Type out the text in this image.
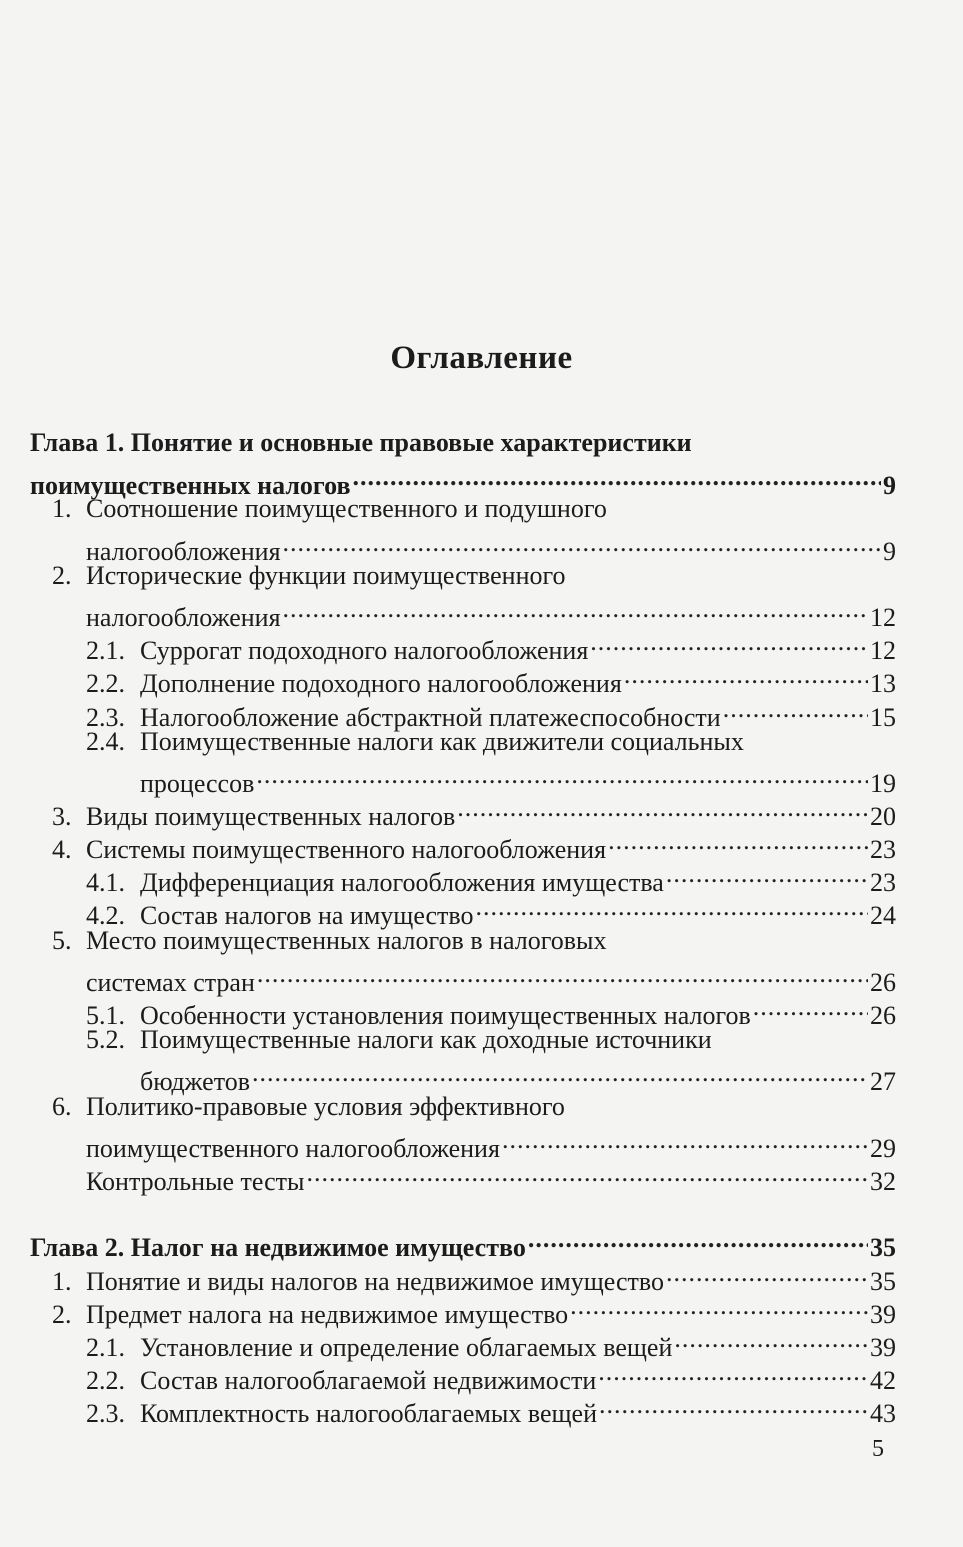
Оглавление
Глава 1. Понятие и основные правовые характеристики
поимущественных налогов .....	9
1. Соотношение поимущественного и подушного
налогообложения .....	9
2. Исторические функции поимущественного
налогообложения .....	12
2.1. Суррогат подоходного налогообложения .....	12
2.2. Дополнение подоходного налогообложения .....	13
2.3. Налогообложение абстрактной платежеспособности .....	15
2.4. Поимущественные налоги как движители социальных
процессов .....	19
3. Виды поимущественных налогов .....	20
4. Системы поимущественного налогообложения .....	23
4.1. Дифференциация налогообложения имущества .....	23
4.2. Состав налогов на имущество .....	24
5. Место поимущественных налогов в налоговых
системах стран .....	26
5.1. Особенности установления поимущественных налогов .....	26
5.2. Поимущественные налоги как доходные источники
бюджетов .....	27
6. Политико-правовые условия эффективного
поимущественного налогообложения .....	29
Контрольные тесты .....	32
Глава 2. Налог на недвижимое имущество .....	35
1. Понятие и виды налогов на недвижимое имущество .....	35
2. Предмет налога на недвижимое имущество .....	39
2.1. Установление и определение облагаемых вещей .....	39
2.2. Состав налогооблагаемой недвижимости .....	42
2.3. Комплектность налогооблагаемых вещей .....	43
5
